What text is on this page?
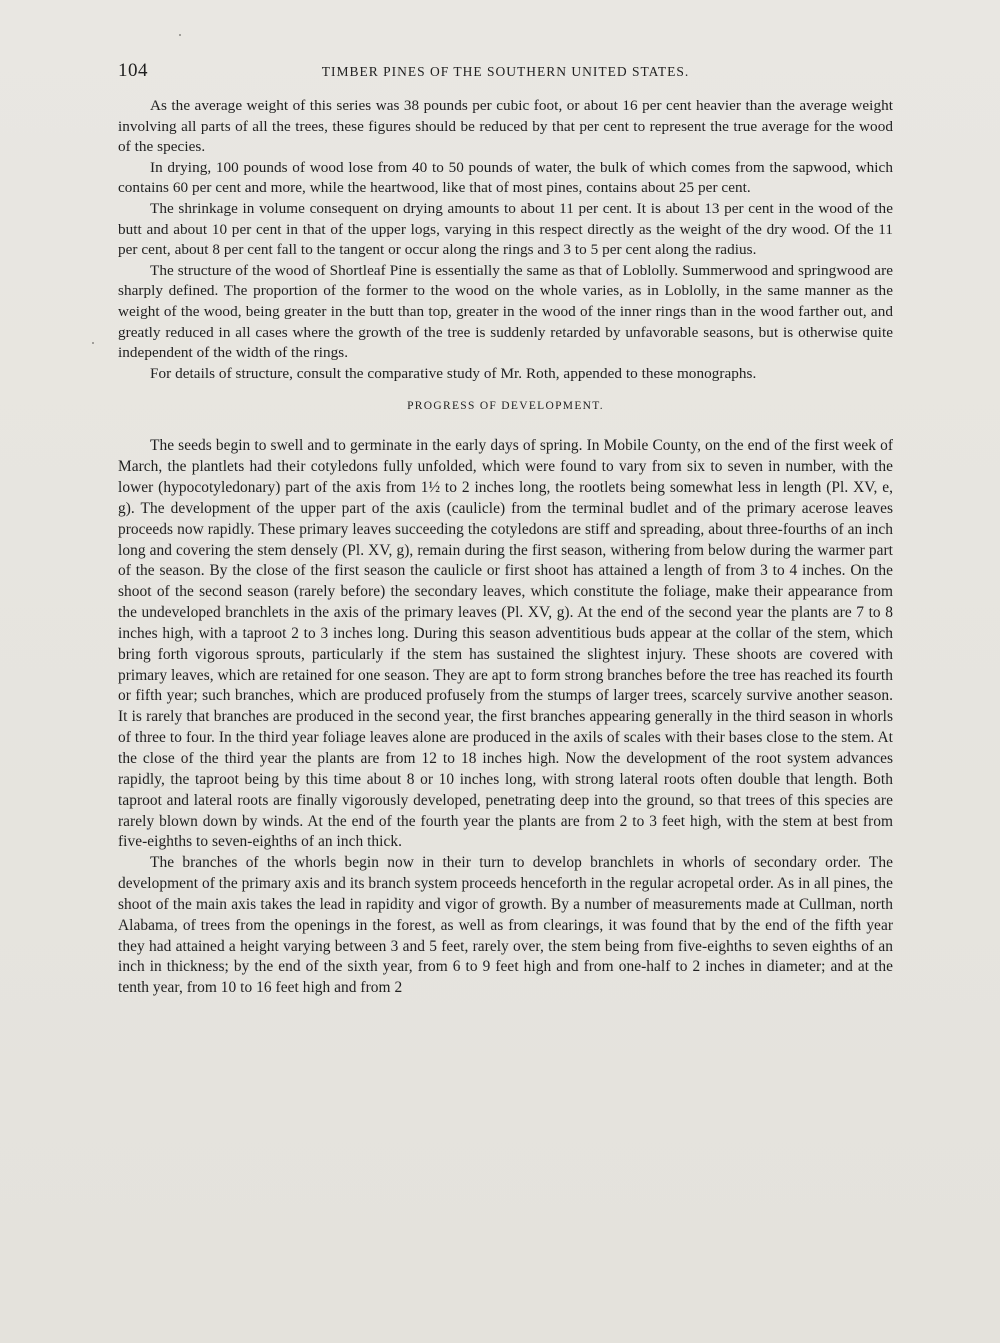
104	TIMBER PINES OF THE SOUTHERN UNITED STATES.

As the average weight of this series was 38 pounds per cubic foot, or about 16 per cent heavier than the average weight involving all parts of all the trees, these figures should be reduced by that per cent to represent the true average for the wood of the species.

In drying, 100 pounds of wood lose from 40 to 50 pounds of water, the bulk of which comes from the sapwood, which contains 60 per cent and more, while the heartwood, like that of most pines, contains about 25 per cent.

The shrinkage in volume consequent on drying amounts to about 11 per cent. It is about 13 per cent in the wood of the butt and about 10 per cent in that of the upper logs, varying in this respect directly as the weight of the dry wood. Of the 11 per cent, about 8 per cent fall to the tangent or occur along the rings and 3 to 5 per cent along the radius.

The structure of the wood of Shortleaf Pine is essentially the same as that of Loblolly. Summerwood and springwood are sharply defined. The proportion of the former to the wood on the whole varies, as in Loblolly, in the same manner as the weight of the wood, being greater in the butt than top, greater in the wood of the inner rings than in the wood farther out, and greatly reduced in all cases where the growth of the tree is suddenly retarded by unfavorable seasons, but is otherwise quite independent of the width of the rings.

For details of structure, consult the comparative study of Mr. Roth, appended to these monographs.

PROGRESS OF DEVELOPMENT.

The seeds begin to swell and to germinate in the early days of spring. In Mobile County, on the end of the first week of March, the plantlets had their cotyledons fully unfolded, which were found to vary from six to seven in number, with the lower (hypocotyledonary) part of the axis from 1½ to 2 inches long, the rootlets being somewhat less in length (Pl. XV, e, g). The development of the upper part of the axis (caulicle) from the terminal budlet and of the primary acerose leaves proceeds now rapidly. These primary leaves succeeding the cotyledons are stiff and spreading, about three-fourths of an inch long and covering the stem densely (Pl. XV, g), remain during the first season, withering from below during the warmer part of the season. By the close of the first season the caulicle or first shoot has attained a length of from 3 to 4 inches. On the shoot of the second season (rarely before) the secondary leaves, which constitute the foliage, make their appearance from the undeveloped branchlets in the axis of the primary leaves (Pl. XV, g). At the end of the second year the plants are 7 to 8 inches high, with a taproot 2 to 3 inches long. During this season adventitious buds appear at the collar of the stem, which bring forth vigorous sprouts, particularly if the stem has sustained the slightest injury. These shoots are covered with primary leaves, which are retained for one season. They are apt to form strong branches before the tree has reached its fourth or fifth year; such branches, which are produced profusely from the stumps of larger trees, scarcely survive another season. It is rarely that branches are produced in the second year, the first branches appearing generally in the third season in whorls of three to four. In the third year foliage leaves alone are produced in the axils of scales with their bases close to the stem. At the close of the third year the plants are from 12 to 18 inches high. Now the development of the root system advances rapidly, the taproot being by this time about 8 or 10 inches long, with strong lateral roots often double that length. Both taproot and lateral roots are finally vigorously developed, penetrating deep into the ground, so that trees of this species are rarely blown down by winds. At the end of the fourth year the plants are from 2 to 3 feet high, with the stem at best from five-eighths to seven-eighths of an inch thick.

The branches of the whorls begin now in their turn to develop branchlets in whorls of secondary order. The development of the primary axis and its branch system proceeds henceforth in the regular acropetal order. As in all pines, the shoot of the main axis takes the lead in rapidity and vigor of growth. By a number of measurements made at Cullman, north Alabama, of trees from the openings in the forest, as well as from clearings, it was found that by the end of the fifth year they had attained a height varying between 3 and 5 feet, rarely over, the stem being from five-eighths to seven eighths of an inch in thickness; by the end of the sixth year, from 6 to 9 feet high and from one-half to 2 inches in diameter; and at the tenth year, from 10 to 16 feet high and from 2
